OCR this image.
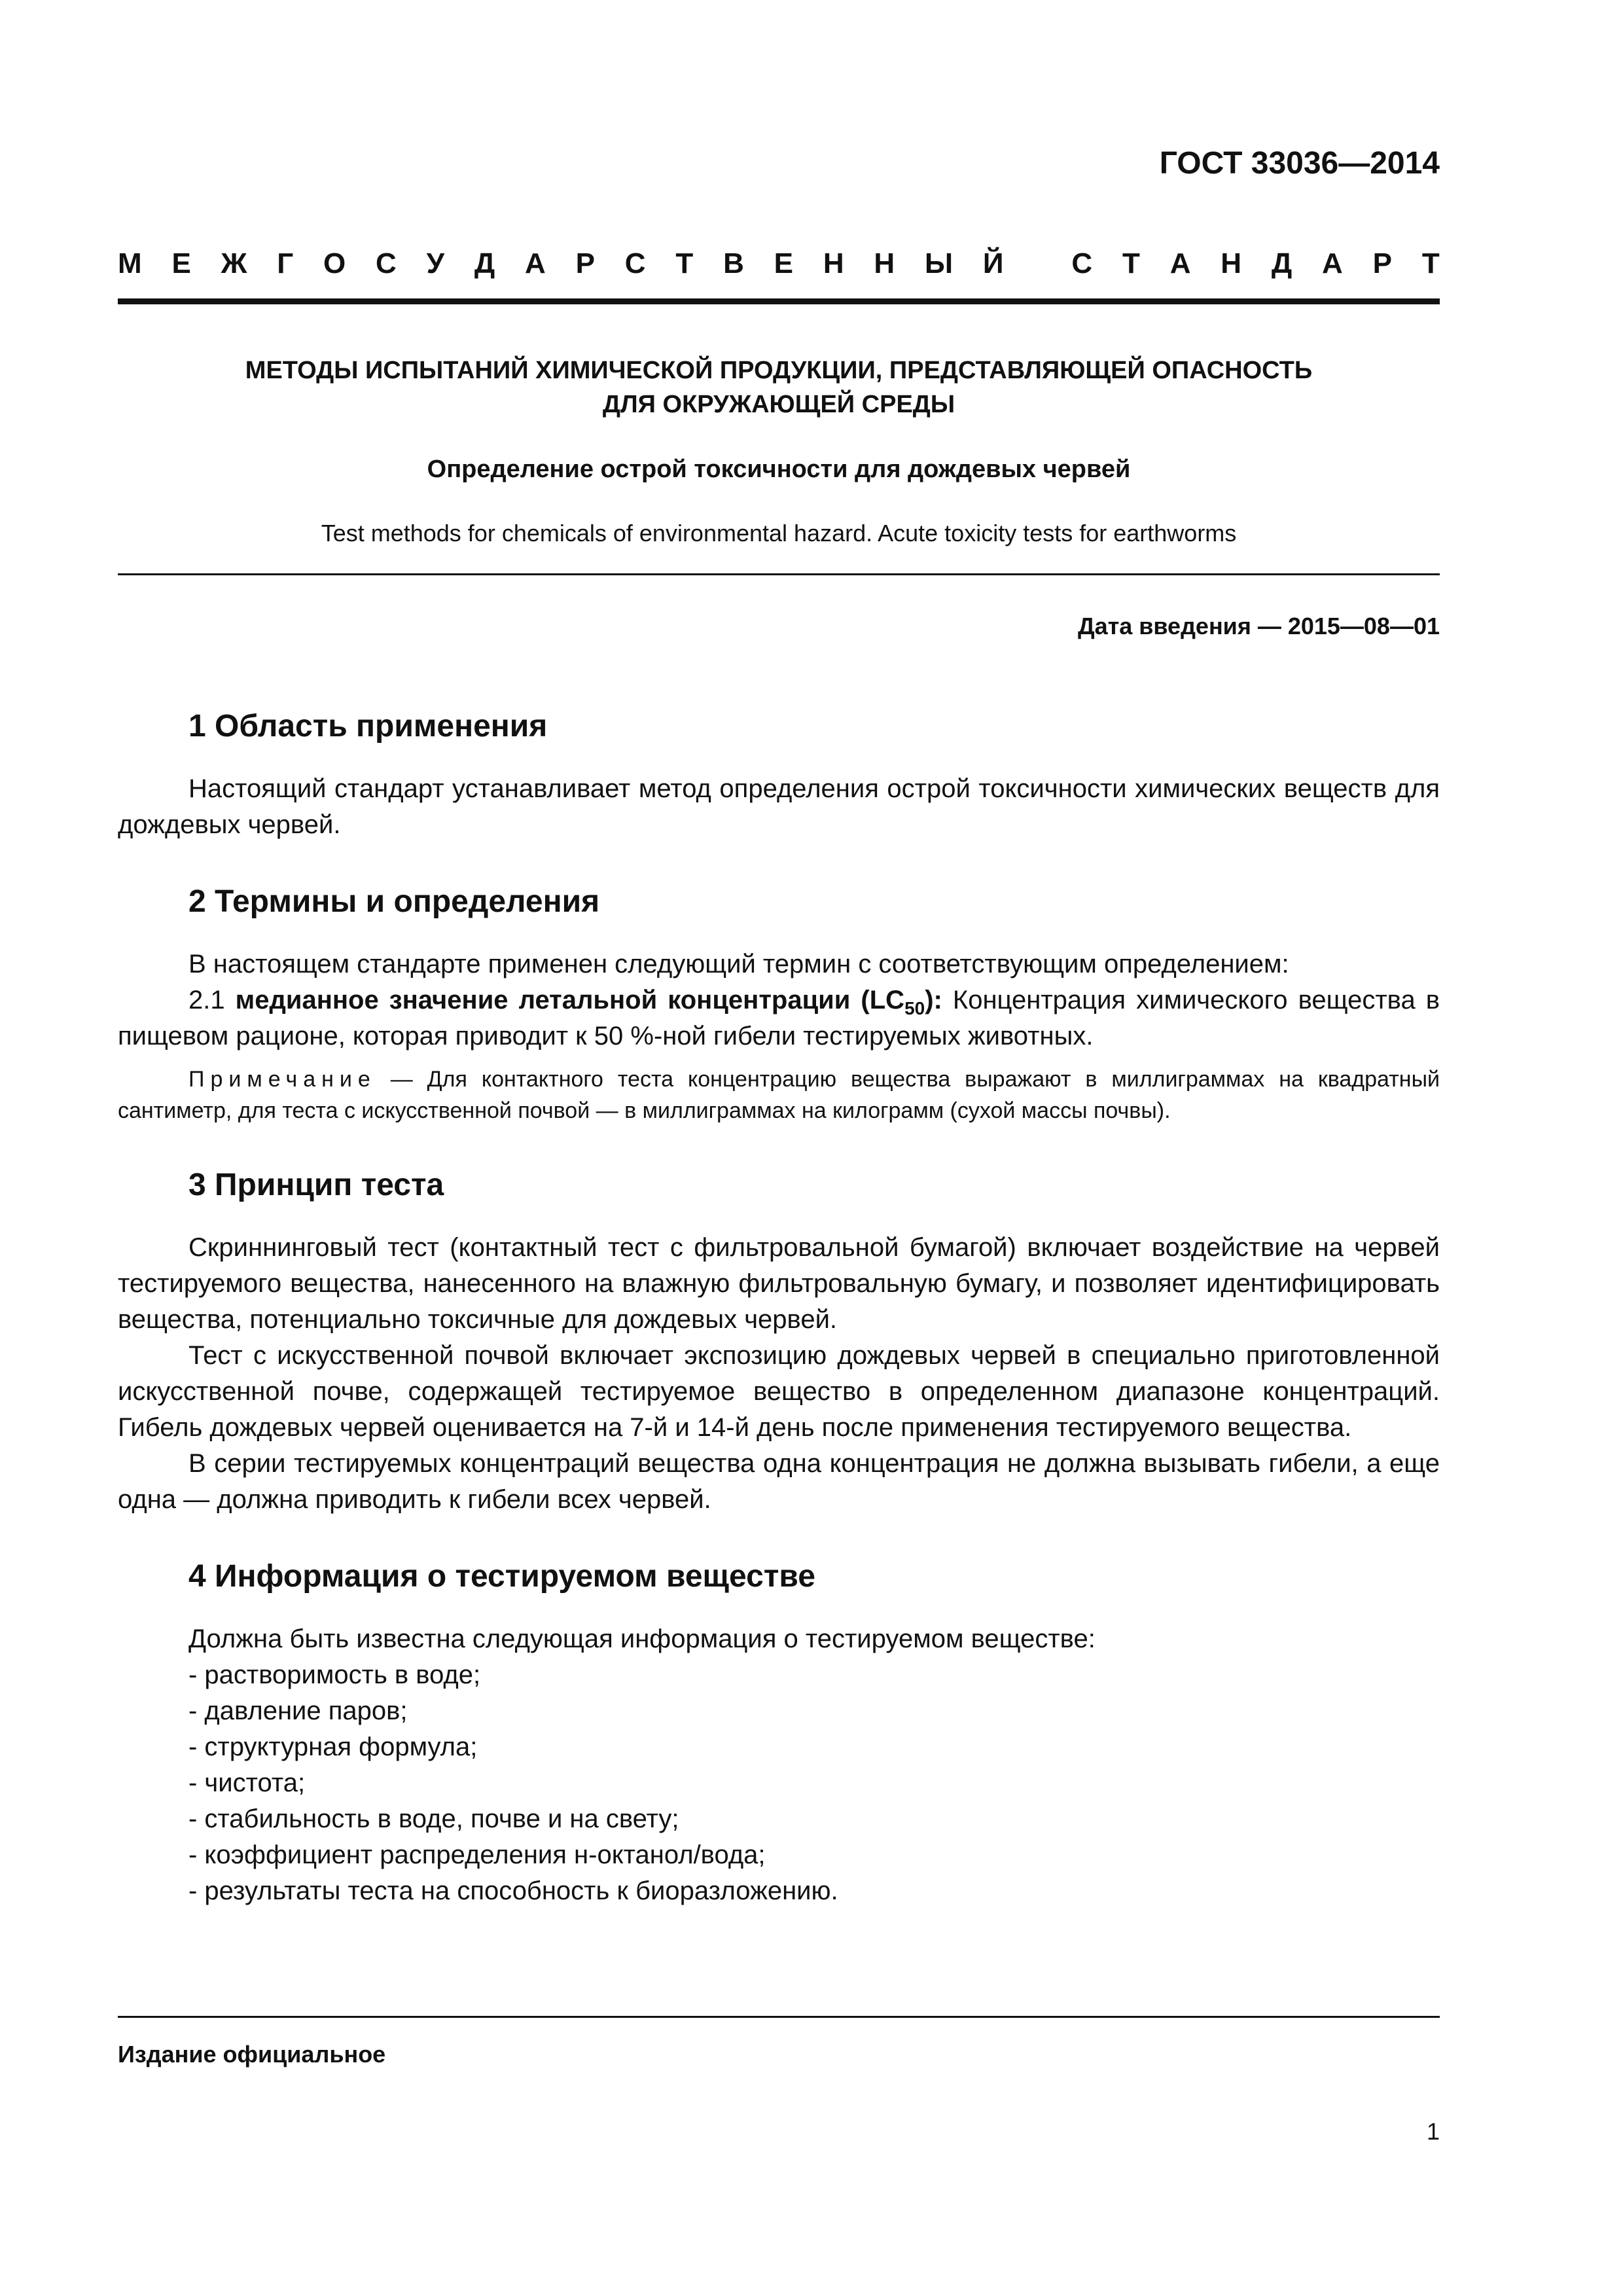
ГОСТ 33036—2014
М Е Ж Г О С У Д А Р С Т В Е Н Н Ы Й
С Т А Н Д А Р Т
МЕТОДЫ ИСПЫТАНИЙ ХИМИЧЕСКОЙ ПРОДУКЦИИ, ПРЕДСТАВЛЯЮЩЕЙ ОПАСНОСТЬ
ДЛЯ ОКРУЖАЮЩЕЙ СРЕДЫ
Определение острой токсичности для дождевых червей
Test methods for chemicals of environmental hazard. Acute toxicity tests for earthworms
Дата введения — 2015—08—01
1 Область применения

Настоящий стандарт устанавливает метод определения острой токсичности химических веществ для дождевых червей.

2 Термины и определения

В настоящем стандарте применен следующий термин с соответствующим определением:

2.1 медианное значение летальной концентрации $(LC_{50})$: Концентрация химического вещества в пищевом рационе, которая приводит к 50 %-ной гибели тестируемых животных.

Примечание — Для контактного теста концентрацию вещества выражают в миллиграммах на квадратный сантиметр, для теста с искусственной почвой — в миллиграммах на килограмм (сухой массы почвы).

3 Принцип теста

Скриннинговый тест (контактный тест с фильтровальной бумагой) включает воздействие на червей тестируемого вещества, нанесенного на влажную фильтровальную бумагу, и позволяет идентифицировать вещества, потенциально токсичные для дождевых червей.

Тест с искусственной почвой включает экспозицию дождевых червей в специально приготовленной искусственной почве, содержащей тестируемое вещество в определенном диапазоне концентраций. Гибель дождевых червей оценивается на 7-й и 14-й день после применения тестируемого вещества.

В серии тестируемых концентраций вещества одна концентрация не должна вызывать гибели, а еще одна — должна приводить к гибели всех червей.

4 Информация о тестируемом веществе

Должна быть известна следующая информация о тестируемом веществе:

- растворимость в воде;
- давление паров;
- структурная формула;
- чистота;
- стабильность в воде, почве и на свету;
- коэффициент распределения н-октанол/вода;
- результаты теста на способность к биоразложению.
Издание официальное
1
